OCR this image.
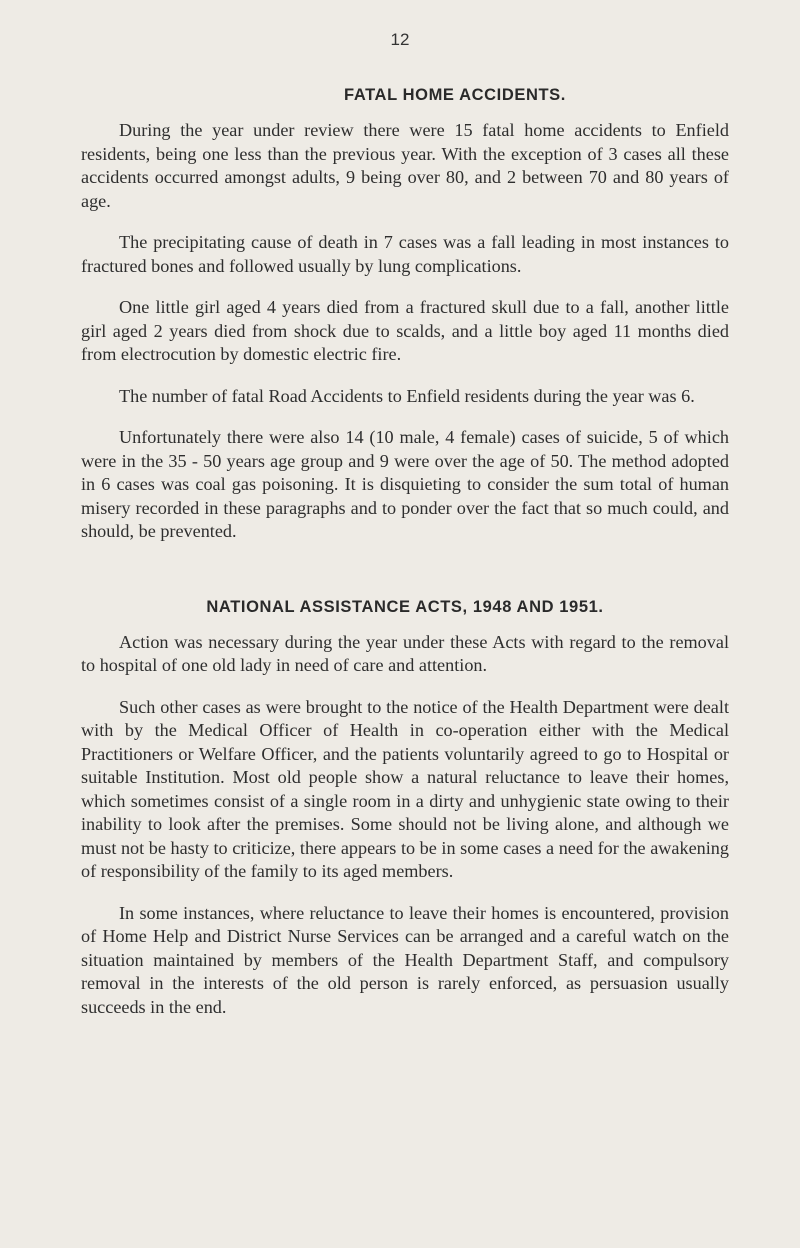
12
FATAL HOME ACCIDENTS.

During the year under review there were 15 fatal home accidents to Enfield residents, being one less than the previous year. With the exception of 3 cases all these accidents occurred amongst adults, 9 being over 80, and 2 between 70 and 80 years of age.

The precipitating cause of death in 7 cases was a fall leading in most instances to fractured bones and followed usually by lung complications.

One little girl aged 4 years died from a fractured skull due to a fall, another little girl aged 2 years died from shock due to scalds, and a little boy aged 11 months died from electrocution by domestic electric fire.

The number of fatal Road Accidents to Enfield residents during the year was 6.

Unfortunately there were also 14 (10 male, 4 female) cases of suicide, 5 of which were in the 35 - 50 years age group and 9 were over the age of 50. The method adopted in 6 cases was coal gas poisoning. It is disquieting to consider the sum total of human misery recorded in these paragraphs and to ponder over the fact that so much could, and should, be prevented.

NATIONAL ASSISTANCE ACTS, 1948 AND 1951.

Action was necessary during the year under these Acts with regard to the removal to hospital of one old lady in need of care and attention.

Such other cases as were brought to the notice of the Health Department were dealt with by the Medical Officer of Health in co-operation either with the Medical Practitioners or Welfare Officer, and the patients voluntarily agreed to go to Hospital or suitable Institution. Most old people show a natural reluctance to leave their homes, which sometimes consist of a single room in a dirty and unhygienic state owing to their inability to look after the premises. Some should not be living alone, and although we must not be hasty to criticize, there appears to be in some cases a need for the awakening of responsibility of the family to its aged members.

In some instances, where reluctance to leave their homes is encountered, provision of Home Help and District Nurse Services can be arranged and a careful watch on the situation maintained by members of the Health Department Staff, and compulsory removal in the interests of the old person is rarely enforced, as persuasion usually succeeds in the end.
